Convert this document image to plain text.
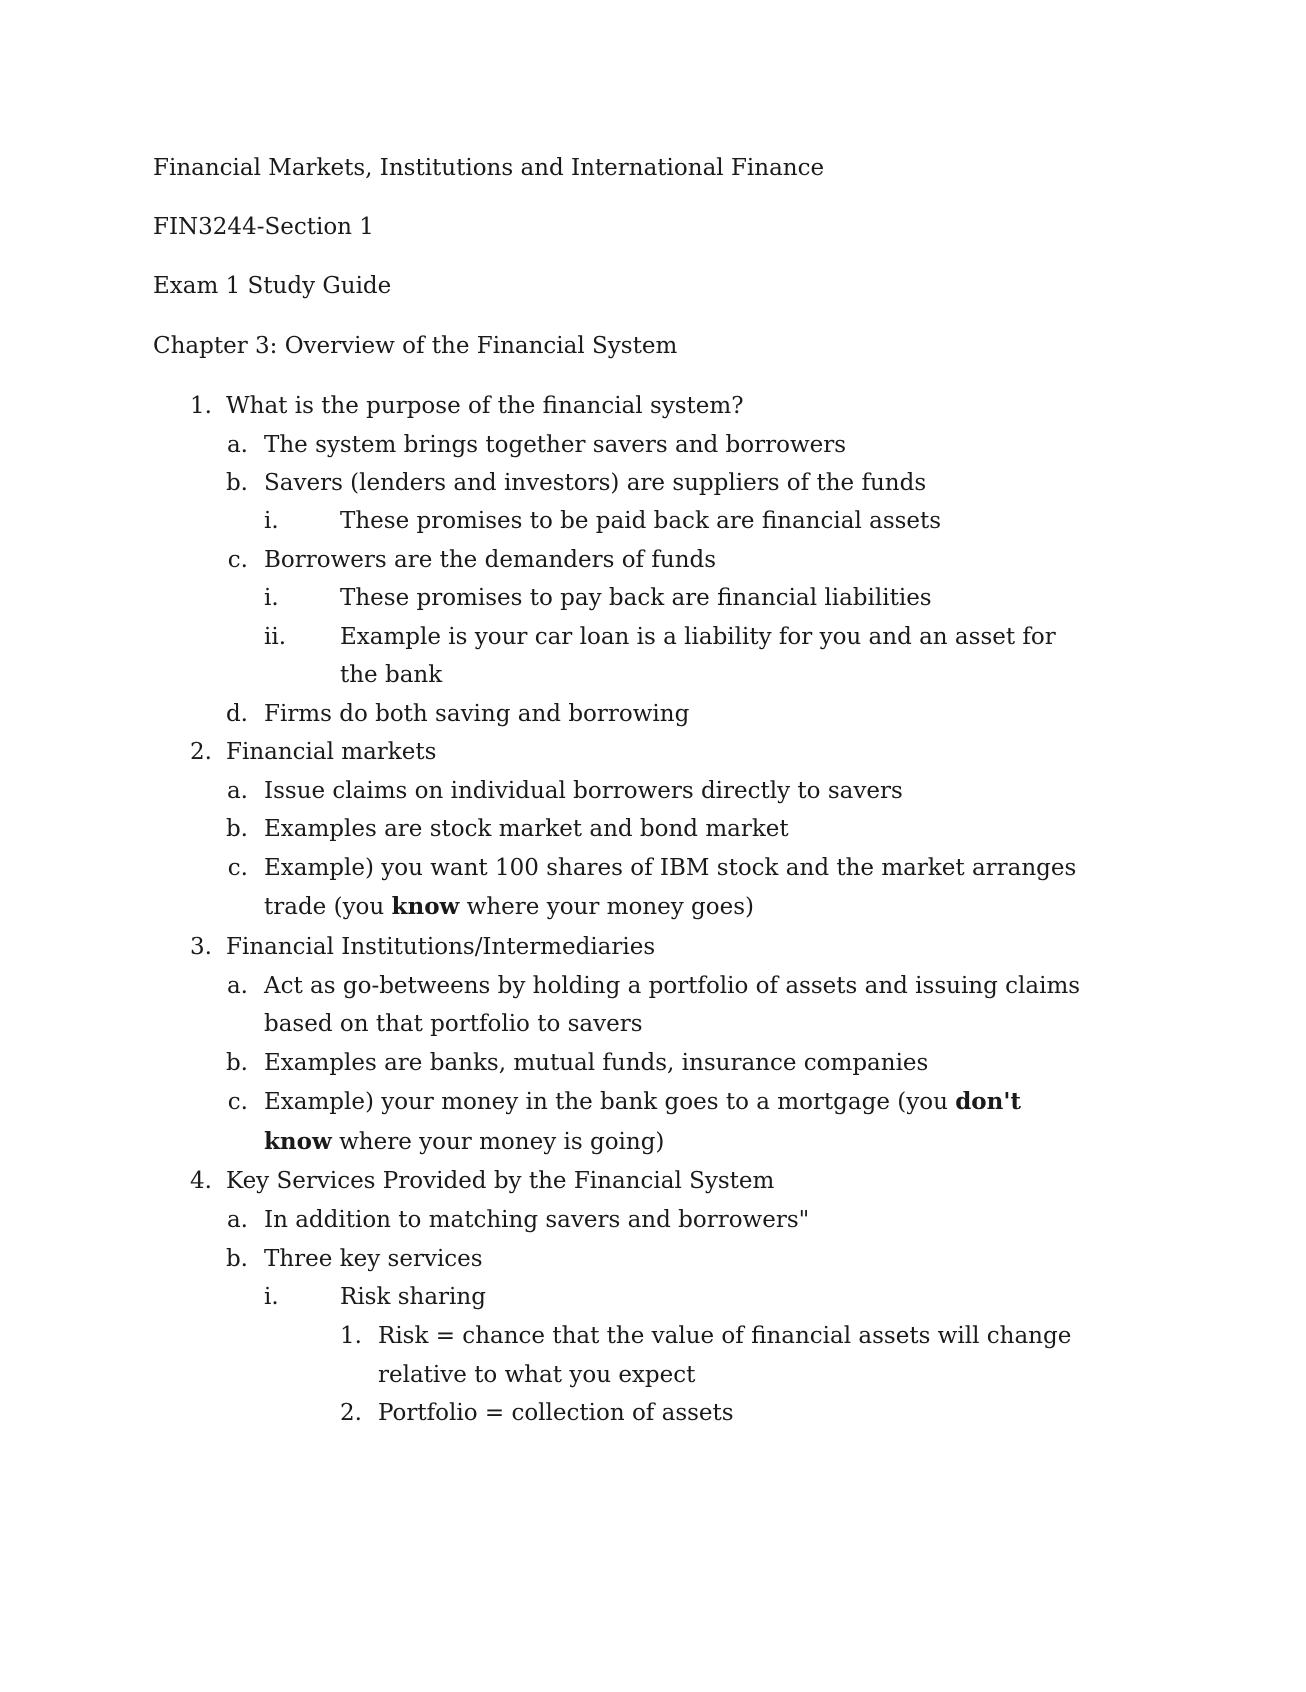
Financial Markets, Institutions and International Finance
FIN3244-Section 1
Exam 1 Study Guide
Chapter 3: Overview of the Financial System
1. What is the purpose of the financial system?
a. The system brings together savers and borrowers
b. Savers (lenders and investors) are suppliers of the funds
i.	These promises to be paid back are financial assets
c. Borrowers are the demanders of funds
i.	These promises to pay back are financial liabilities
ii.	Example is your car loan is a liability for you and an asset for
the bank
d. Firms do both saving and borrowing
2. Financial markets
a. Issue claims on individual borrowers directly to savers
b. Examples are stock market and bond market
c. Example) you want 100 shares of IBM stock and the market arranges
trade (you know where your money goes)
3. Financial Institutions/Intermediaries
a. Act as go-betweens by holding a portfolio of assets and issuing claims
based on that portfolio to savers
b. Examples are banks, mutual funds, insurance companies
c. Example) your money in the bank goes to a mortgage (you don't
know where your money is going)
4. Key Services Provided by the Financial System
a. In addition to matching savers and borrowers"
b. Three key services
i.	Risk sharing
1. Risk = chance that the value of financial assets will change
relative to what you expect
2. Portfolio = collection of assets
